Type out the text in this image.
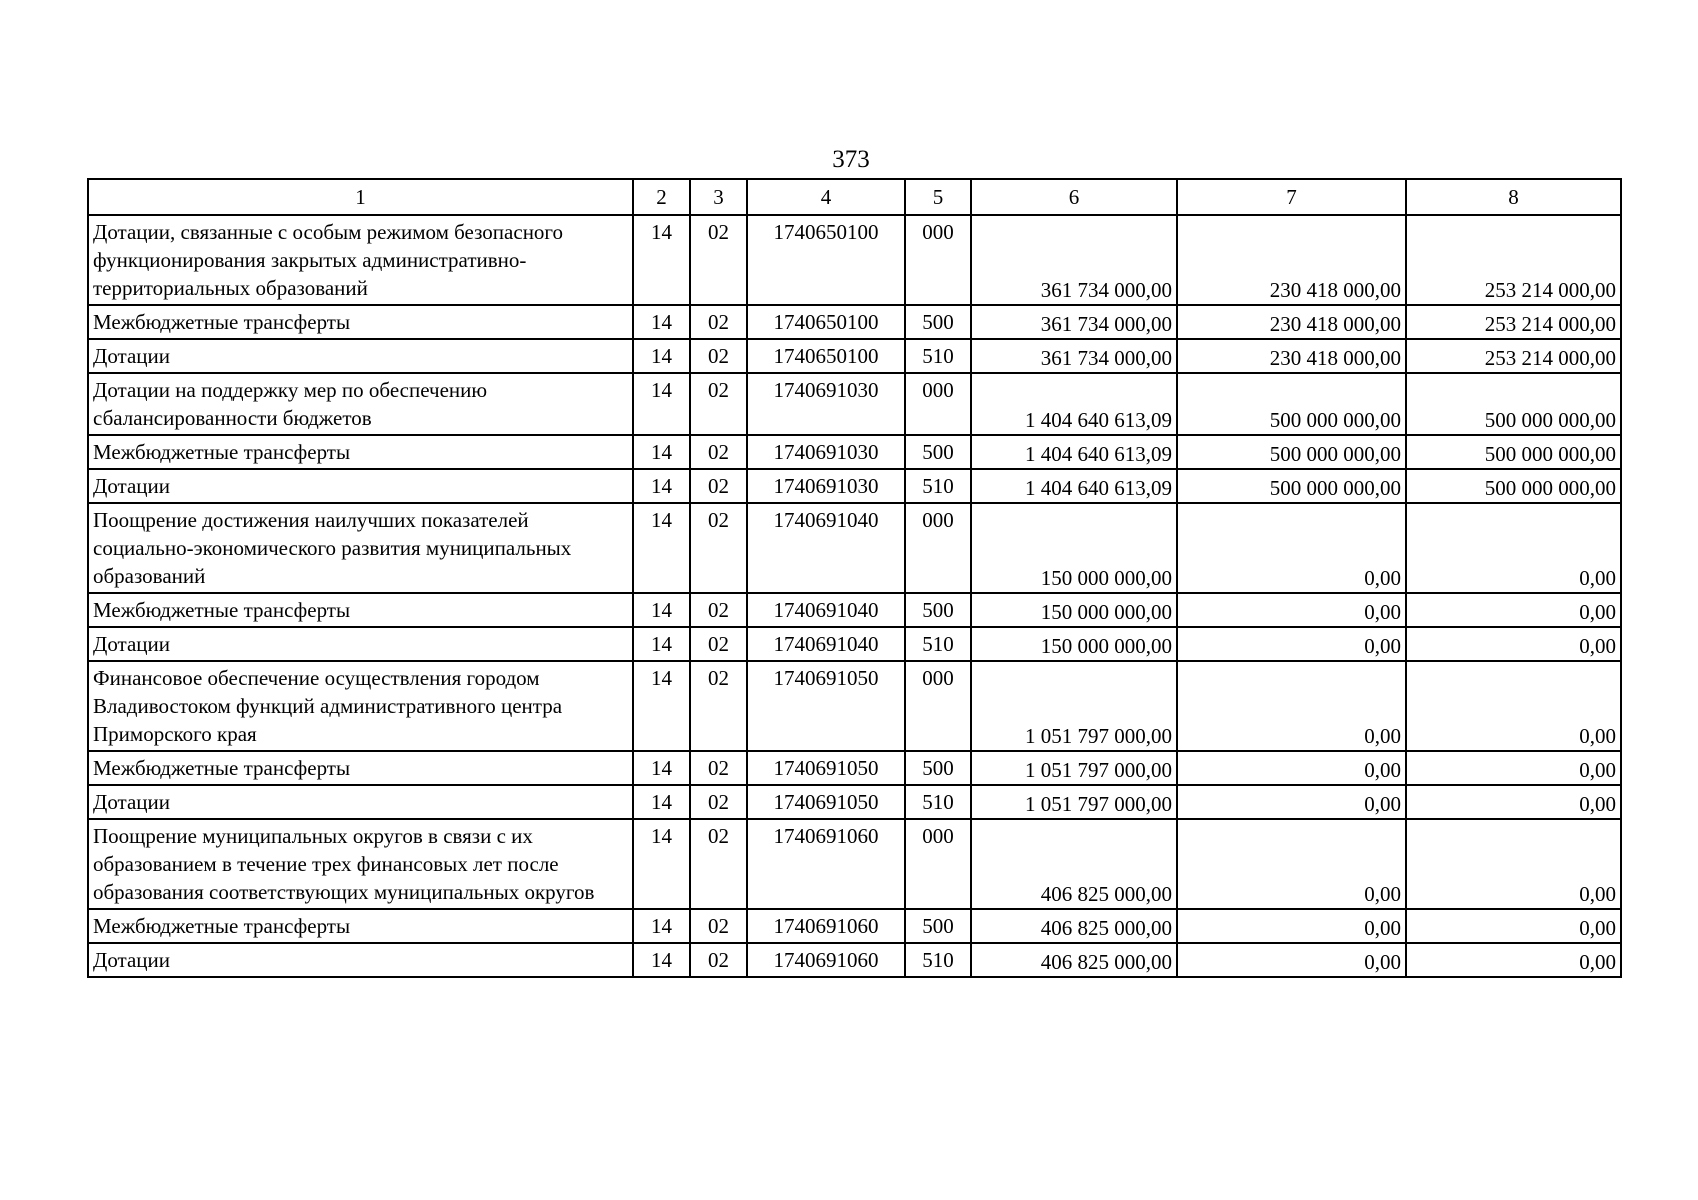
373
1	2	3	4	5	6	7	8
Дотации, связанные с особым режимом безопасного функционирования закрытых административно-территориальных образований	14	02	1740650100	000	361 734 000,00	230 418 000,00	253 214 000,00
Межбюджетные трансферты	14	02	1740650100	500	361 734 000,00	230 418 000,00	253 214 000,00
Дотации	14	02	1740650100	510	361 734 000,00	230 418 000,00	253 214 000,00
Дотации на поддержку мер по обеспечению сбалансированности бюджетов	14	02	1740691030	000	1 404 640 613,09	500 000 000,00	500 000 000,00
Межбюджетные трансферты	14	02	1740691030	500	1 404 640 613,09	500 000 000,00	500 000 000,00
Дотации	14	02	1740691030	510	1 404 640 613,09	500 000 000,00	500 000 000,00
Поощрение достижения наилучших показателей социально-экономического развития муниципальных образований	14	02	1740691040	000	150 000 000,00	0,00	0,00
Межбюджетные трансферты	14	02	1740691040	500	150 000 000,00	0,00	0,00
Дотации	14	02	1740691040	510	150 000 000,00	0,00	0,00
Финансовое обеспечение осуществления городом Владивостоком функций административного центра Приморского края	14	02	1740691050	000	1 051 797 000,00	0,00	0,00
Межбюджетные трансферты	14	02	1740691050	500	1 051 797 000,00	0,00	0,00
Дотации	14	02	1740691050	510	1 051 797 000,00	0,00	0,00
Поощрение муниципальных округов в связи с их образованием в течение трех финансовых лет после образования соответствующих муниципальных округов	14	02	1740691060	000	406 825 000,00	0,00	0,00
Межбюджетные трансферты	14	02	1740691060	500	406 825 000,00	0,00	0,00
Дотации	14	02	1740691060	510	406 825 000,00	0,00	0,00
